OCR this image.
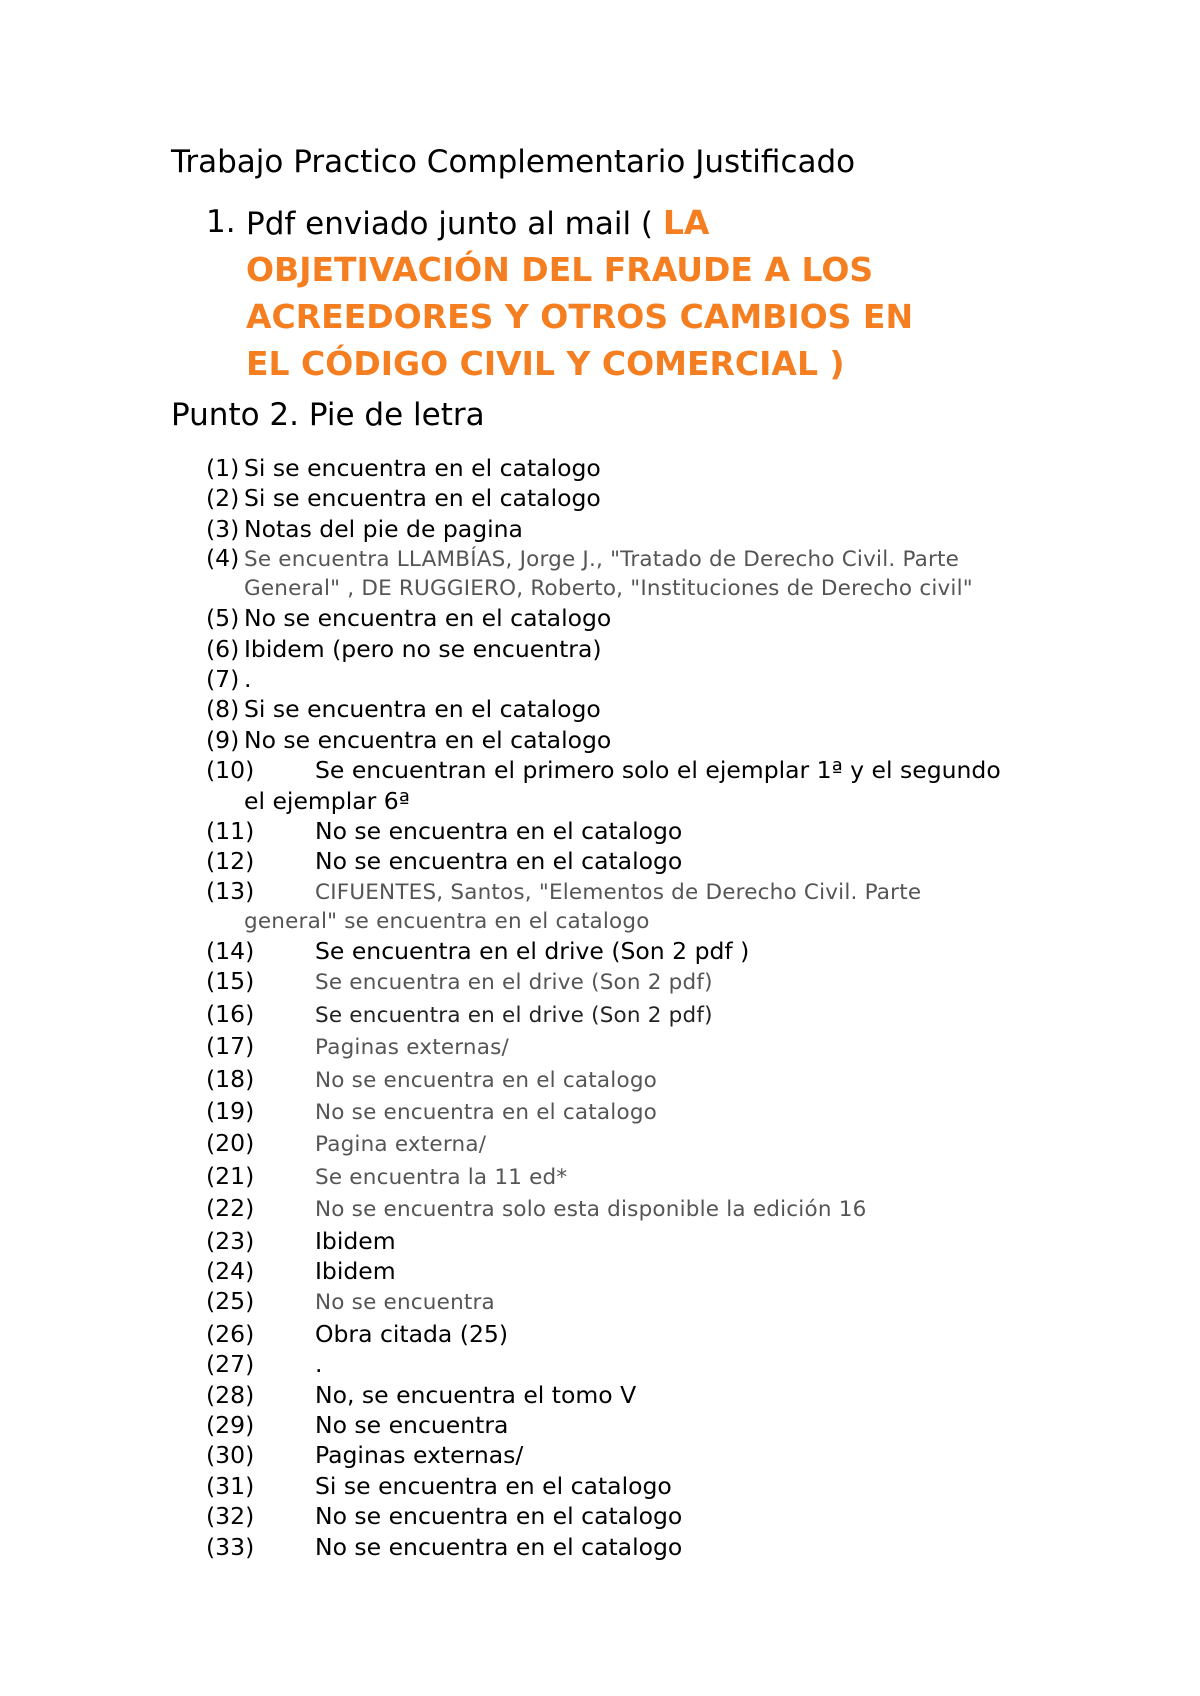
Trabajo Practico Complementario Justificado
1. Pdf enviado junto al mail ( LA
OBJETIVACIÓN DEL FRAUDE A LOS
ACREEDORES Y OTROS CAMBIOS EN
EL CÓDIGO CIVIL Y COMERCIAL )
Punto 2. Pie de letra
(1) Si se encuentra en el catalogo
(2) Si se encuentra en el catalogo
(3) Notas del pie de pagina
(4) Se encuentra LLAMBÍAS, Jorge J., "Tratado de Derecho Civil. Parte
General" , DE RUGGIERO, Roberto, "Instituciones de Derecho civil"
(5) No se encuentra en el catalogo
(6) Ibidem (pero no se encuentra)
(7) .
(8) Si se encuentra en el catalogo
(9) No se encuentra en el catalogo
(10)	Se encuentran el primero solo el ejemplar 1ª y el segundo
el ejemplar 6ª
(11)	No se encuentra en el catalogo
(12)	No se encuentra en el catalogo
(13)	CIFUENTES, Santos, "Elementos de Derecho Civil. Parte
general" se encuentra en el catalogo
(14)	Se encuentra en el drive (Son 2 pdf )
(15)	Se encuentra en el drive (Son 2 pdf)
(16)	Se encuentra en el drive (Son 2 pdf)
(17)	Paginas externas/
(18)	No se encuentra en el catalogo
(19)	No se encuentra en el catalogo
(20)	Pagina externa/
(21)	Se encuentra la 11 ed*
(22)	No se encuentra solo esta disponible la edición 16
(23)	Ibidem
(24)	Ibidem
(25)	No se encuentra
(26)	Obra citada (25)
(27)	.
(28)	No, se encuentra el tomo V
(29)	No se encuentra
(30)	Paginas externas/
(31)	Si se encuentra en el catalogo
(32)	No se encuentra en el catalogo
(33)	No se encuentra en el catalogo
